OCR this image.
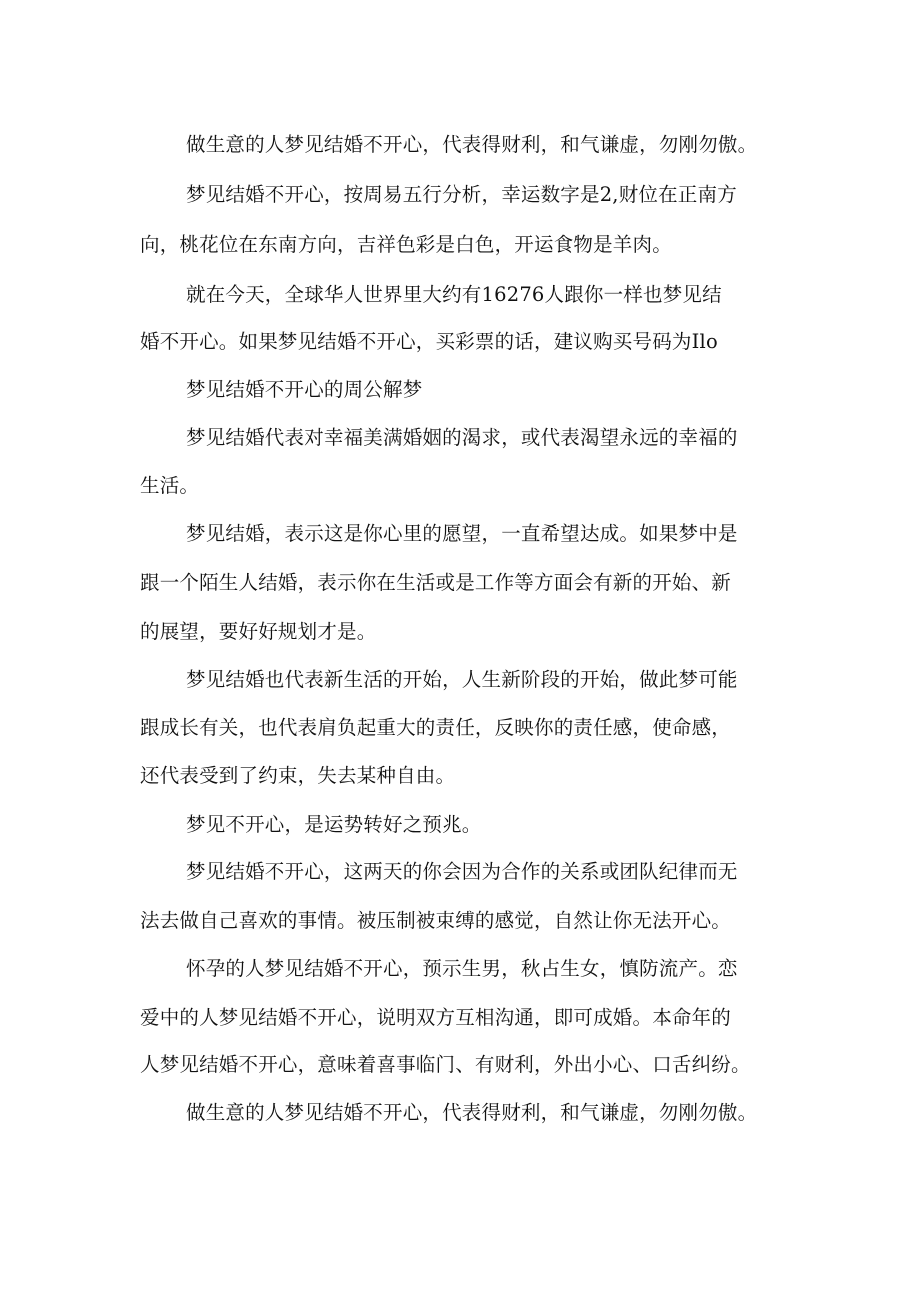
做生意的人梦见结婚不开心，代表得财利，和气谦虚，勿刚勿傲。
梦见结婚不开心，按周易五行分析，幸运数字是2,财位在正南方
向，桃花位在东南方向，吉祥色彩是白色，开运食物是羊肉。
就在今天，全球华人世界里大约有16276人跟你一样也梦见结
婚不开心。如果梦见结婚不开心，买彩票的话，建议购买号码为Ilo
梦见结婚不开心的周公解梦
梦见结婚代表对幸福美满婚姻的渴求，或代表渴望永远的幸福的
生活。
梦见结婚，表示这是你心里的愿望，一直希望达成。如果梦中是
跟一个陌生人结婚，表示你在生活或是工作等方面会有新的开始、新
的展望，要好好规划才是。
梦见结婚也代表新生活的开始，人生新阶段的开始，做此梦可能
跟成长有关，也代表肩负起重大的责任，反映你的责任感，使命感，
还代表受到了约束，失去某种自由。
梦见不开心，是运势转好之预兆。
梦见结婚不开心，这两天的你会因为合作的关系或团队纪律而无
法去做自己喜欢的事情。被压制被束缚的感觉，自然让你无法开心。
怀孕的人梦见结婚不开心，预示生男，秋占生女，慎防流产。恋
爱中的人梦见结婚不开心，说明双方互相沟通，即可成婚。本命年的
人梦见结婚不开心，意味着喜事临门、有财利，外出小心、口舌纠纷。
做生意的人梦见结婚不开心，代表得财利，和气谦虚，勿刚勿傲。
